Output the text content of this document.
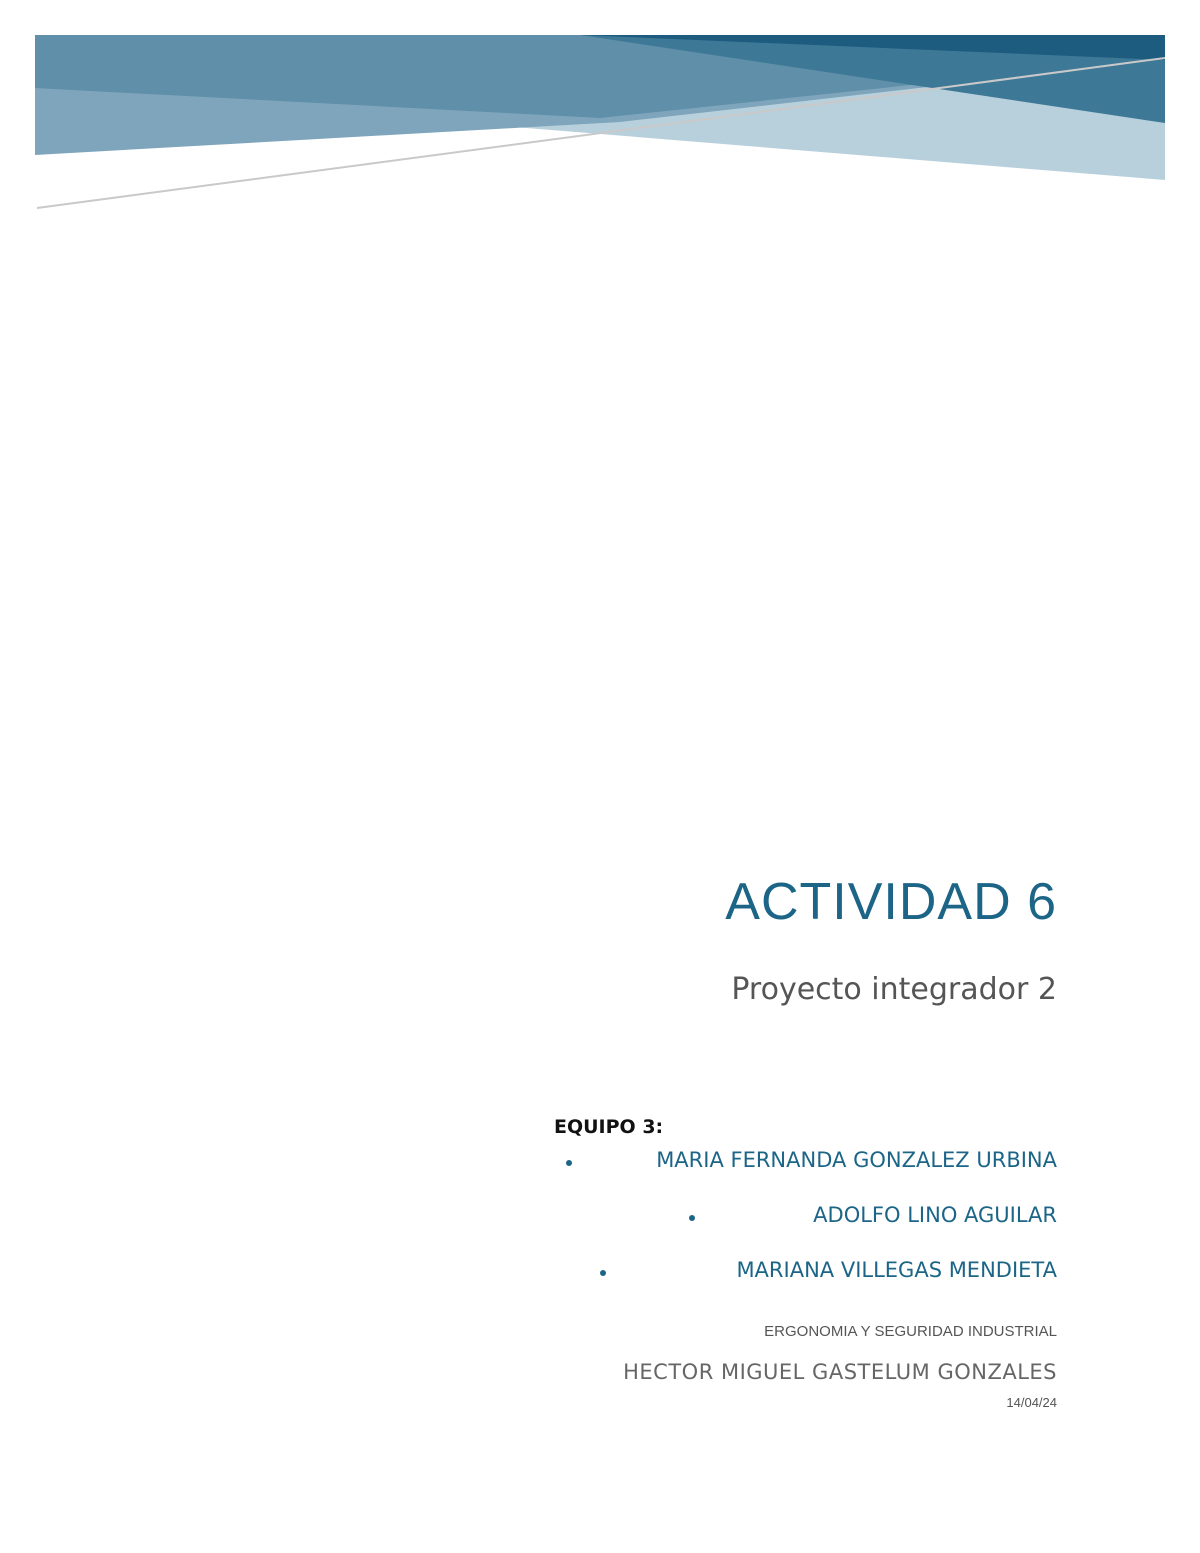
ACTIVIDAD 6
Proyecto integrador 2
EQUIPO 3:
MARIA FERNANDA GONZALEZ URBINA
ADOLFO LINO AGUILAR
MARIANA VILLEGAS MENDIETA
ERGONOMIA Y SEGURIDAD INDUSTRIAL
HECTOR MIGUEL GASTELUM GONZALES
14/04/24
